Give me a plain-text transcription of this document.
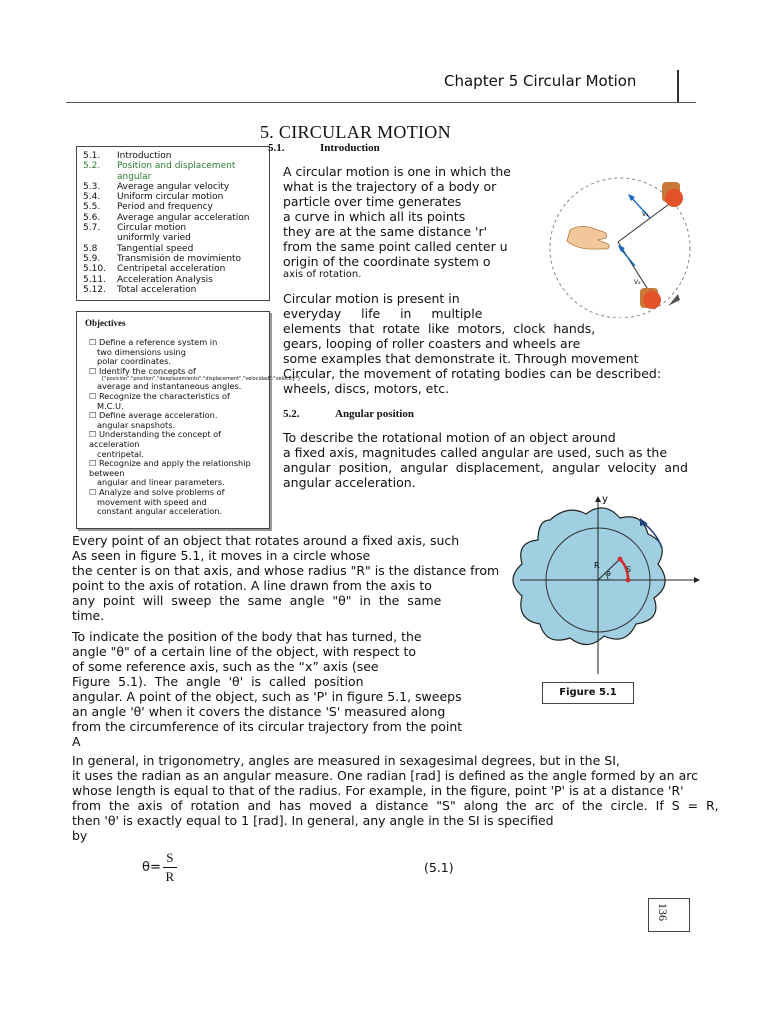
Chapter 5 Circular Motion
5. CIRCULAR MOTION
5.1.	Introduction
5.2.	Position and displacement
angular
5.3.	Average angular velocity
5.4.	Uniform circular motion
5.5.	Period and frequency
5.6.	Average angular acceleration
5.7.	Circular motion
uniformly varied
5.8	Tangential speed
5.9.	Transmisión de movimiento
5.10.	Centripetal acceleration
5.11.	Acceleration Analysis
5.12.	Total acceleration
Objectives
☐ Define a reference system in
two dimensions using
polar coordinates.
☐ Identify the concepts of
{"posición":"position","desplazamiento":"displacement","velocidad":"velocity"}
average and instantaneous angles.
☐ Recognize the characteristics of
M.C.U.
☐ Define average acceleration.
angular snapshots.
☐ Understanding the concept of acceleration
centripetal.
☐ Recognize and apply the relationship between
angular and linear parameters.
☐ Analyze and solve problems of
movement with speed and
constant angular acceleration.
5.1.	Introduction
A circular motion is one in which the
what is the trajectory of a body or
particle over time generates
a curve in which all its points
they are at the same distance 'r'
from the same point called center u
origin of the coordinate system o
axis of rotation.
V₁
V₂
Circular motion is present in
everyday     life     in     multiple
elements  that  rotate  like  motors,  clock  hands,
gears, looping of roller coasters and wheels are
some examples that demonstrate it. Through movement
Circular, the movement of rotating bodies can be described:
wheels, discs, motors, etc.
5.2.	Angular position
To describe the rotational motion of an object around
a fixed axis, magnitudes called angular are used, such as the
angular  position,  angular  displacement,  angular  velocity  and
angular acceleration.
y
R	S
θ
Figure 5.1
Every point of an object that rotates around a fixed axis, such
As seen in figure 5.1, it moves in a circle whose
the center is on that axis, and whose radius "R" is the distance from
point to the axis of rotation. A line drawn from the axis to
any  point  will  sweep  the  same  angle  "θ"  in  the  same
time.
To indicate the position of the body that has turned, the
angle "θ" of a certain line of the object, with respect to
of some reference axis, such as the “x” axis (see
Figure  5.1).  The  angle  'θ'  is  called  position
angular. A point of the object, such as 'P' in figure 5.1, sweeps
an angle 'θ' when it covers the distance 'S' measured along
from the circumference of its circular trajectory from the point
A
In general, in trigonometry, angles are measured in sexagesimal degrees, but in the SI,
it uses the radian as an angular measure. One radian [rad] is defined as the angle formed by an arc
whose length is equal to that of the radius. For example, in the figure, point 'P' is at a distance 'R'
from  the  axis  of  rotation  and  has  moved  a  distance  "S"  along  the  arc  of  the  circle.  If  S  =  R,
then 'θ' is exactly equal to 1 [rad]. In general, any angle in the SI is specified
by
$\theta= \frac{S}{R}$	(5.1)
136
